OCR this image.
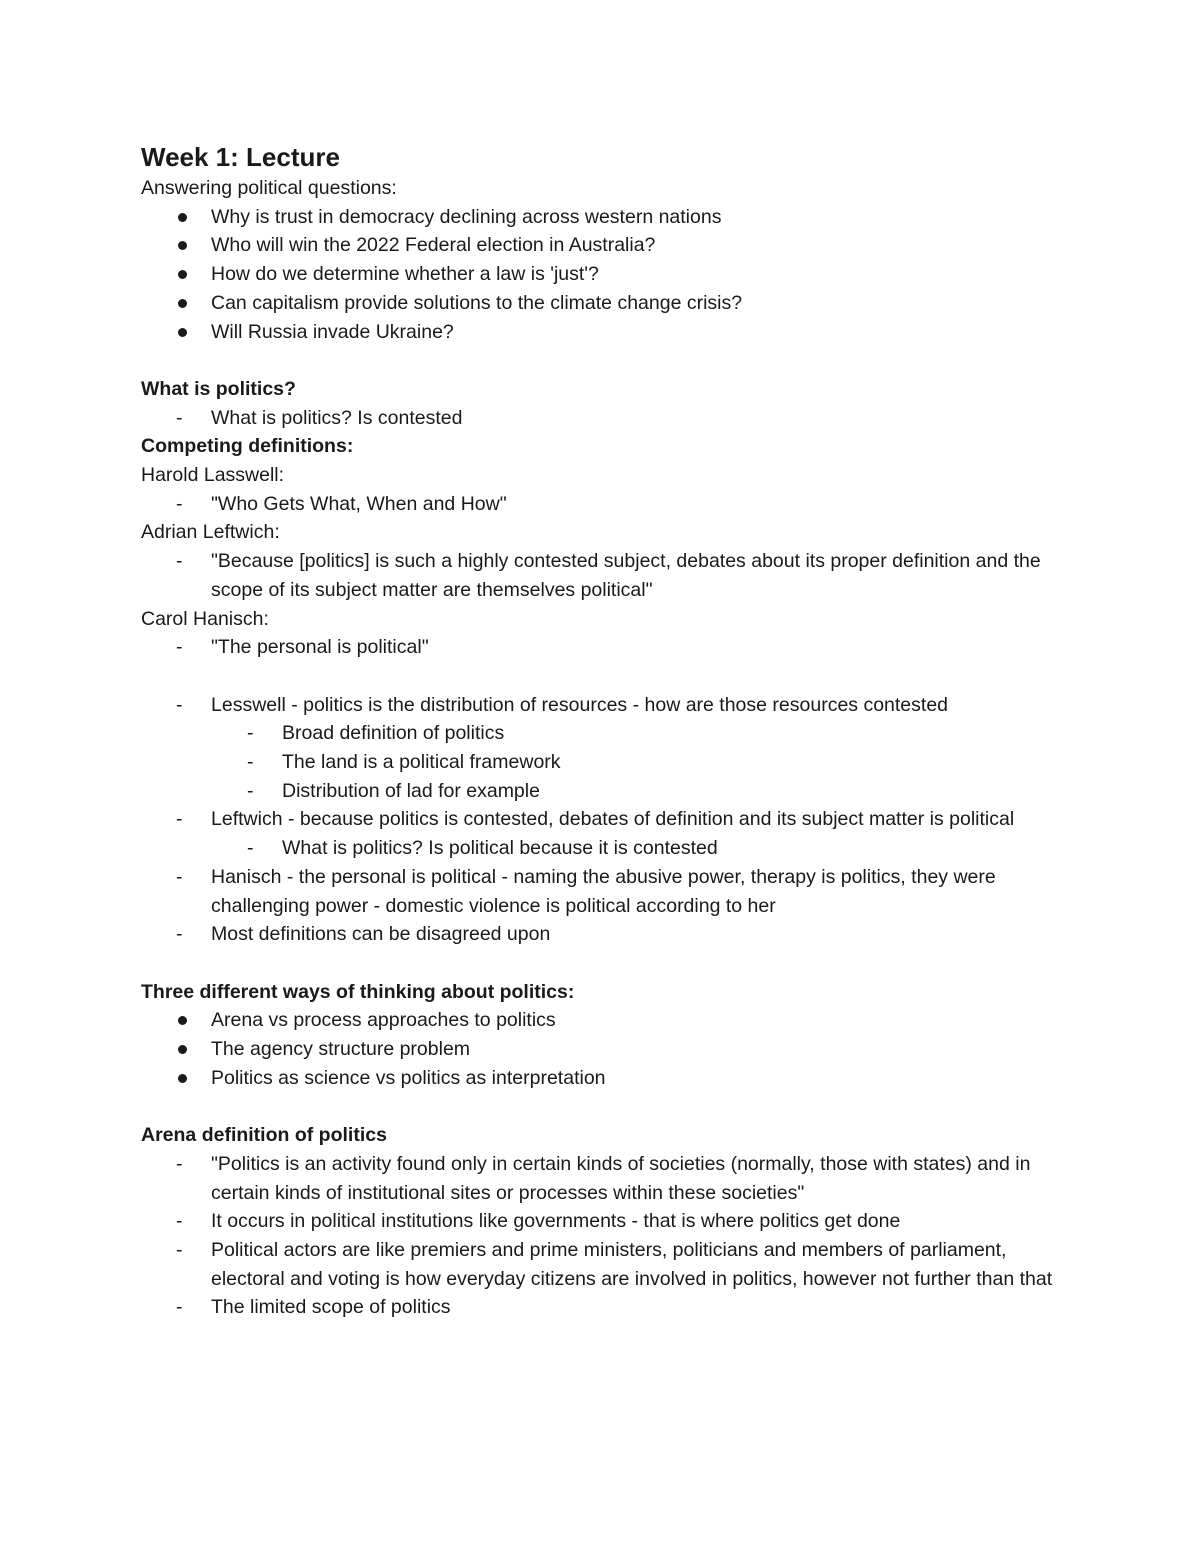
Week 1: Lecture

Answering political questions:

Why is trust in democracy declining across western nations
Who will win the 2022 Federal election in Australia?
How do we determine whether a law is 'just'?
Can capitalism provide solutions to the climate change crisis?
Will Russia invade Ukraine?

What is politics?

-	What is politics? Is contested

Competing definitions:

Harold Lasswell:

-	"Who Gets What, When and How"

Adrian Leftwich:

-	"Because [politics] is such a highly contested subject, debates about its proper definition and the scope of its subject matter are themselves political"

Carol Hanisch:

-	"The personal is political"
-	Lesswell - politics is the distribution of resources - how are those resources contested
-	Broad definition of politics
-	The land is a political framework
-	Distribution of lad for example
-	Leftwich - because politics is contested, debates of definition and its subject matter is political
-	What is politics? Is political because it is contested
-	Hanisch - the personal is political - naming the abusive power, therapy is politics, they were challenging power - domestic violence is political according to her
-	Most definitions can be disagreed upon

Three different ways of thinking about politics:

Arena vs process approaches to politics
The agency structure problem
Politics as science vs politics as interpretation

Arena definition of politics

-	"Politics is an activity found only in certain kinds of societies (normally, those with states) and in certain kinds of institutional sites or processes within these societies"
-	It occurs in political institutions like governments - that is where politics get done
-	Political actors are like premiers and prime ministers, politicians and members of parliament, electoral and voting is how everyday citizens are involved in politics, however not further than that
-	The limited scope of politics
